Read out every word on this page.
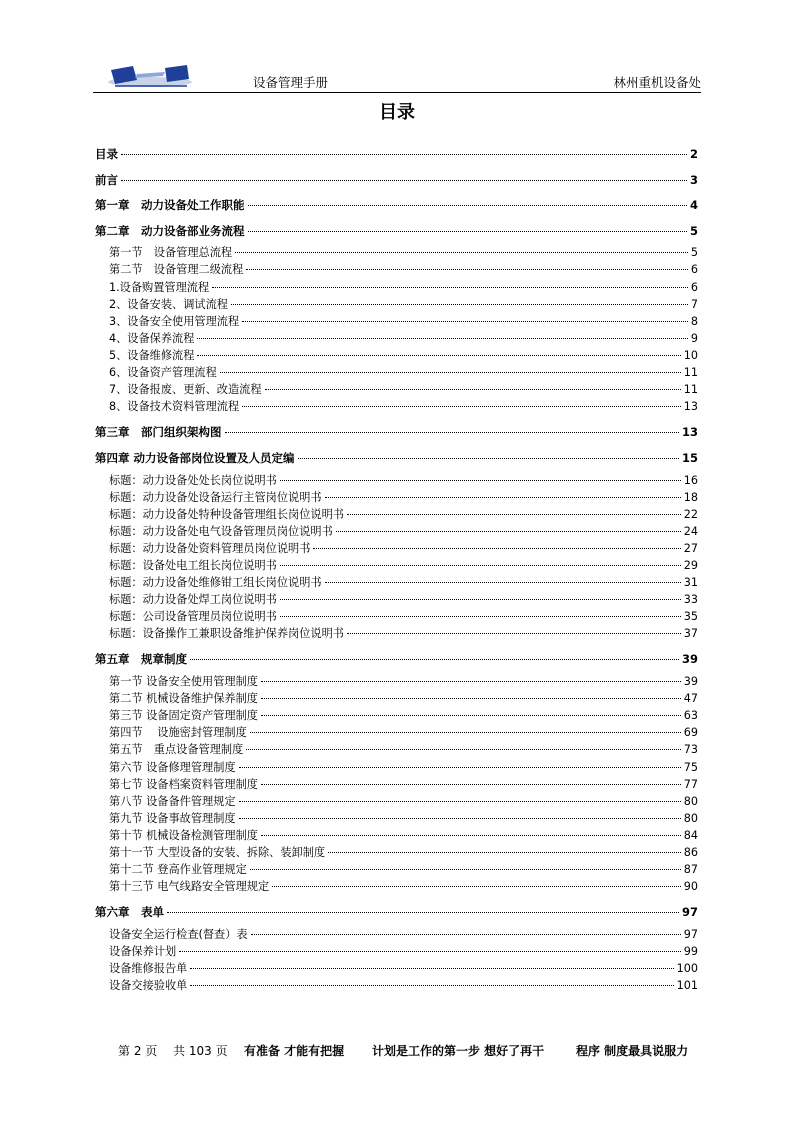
设备管理手册	林州重机设备处
目录
目录	2
前言	3
第一章　动力设备处工作职能	4
第二章　动力设备部业务流程	5
第一节　设备管理总流程	5
第二节　设备管理二级流程	6
1.设备购置管理流程	6
2、设备安装、调试流程	7
3、设备安全使用管理流程	8
4、设备保养流程	9
5、设备维修流程	10
6、设备资产管理流程	11
7、设备报废、更新、改造流程	11
8、设备技术资料管理流程	13
第三章　部门组织架构图	13
第四章 动力设备部岗位设置及人员定编	15
标题：动力设备处处长岗位说明书	16
标题：动力设备处设备运行主管岗位说明书	18
标题：动力设备处特种设备管理组长岗位说明书	22
标题：动力设备处电气设备管理员岗位说明书	24
标题：动力设备处资料管理员岗位说明书	27
标题：设备处电工组长岗位说明书	29
标题：动力设备处维修钳工组长岗位说明书	31
标题：动力设备处焊工岗位说明书	33
标题：公司设备管理员岗位说明书	35
标题：设备操作工兼职设备维护保养岗位说明书	37
第五章　规章制度	39
第一节 设备安全使用管理制度	39
第二节 机械设备维护保养制度	47
第三节 设备固定资产管理制度	63
第四节　 设施密封管理制度	69
第五节　重点设备管理制度	73
第六节 设备修理管理制度	75
第七节 设备档案资料管理制度	77
第八节 设备备件管理规定	80
第九节 设备事故管理制度	80
第十节 机械设备检测管理制度	84
第十一节 大型设备的安装、拆除、装卸制度	86
第十二节 登高作业管理规定	87
第十三节 电气线路安全管理规定	90
第六章　表单	97
设备安全运行检查(督查）表	97
设备保养计划	99
设备维修报告单	100
设备交接验收单	101
第 2 页　 共 103 页 有准备 才能有把握 计划是工作的第一步 想好了再干	程序 制度最具说服力
